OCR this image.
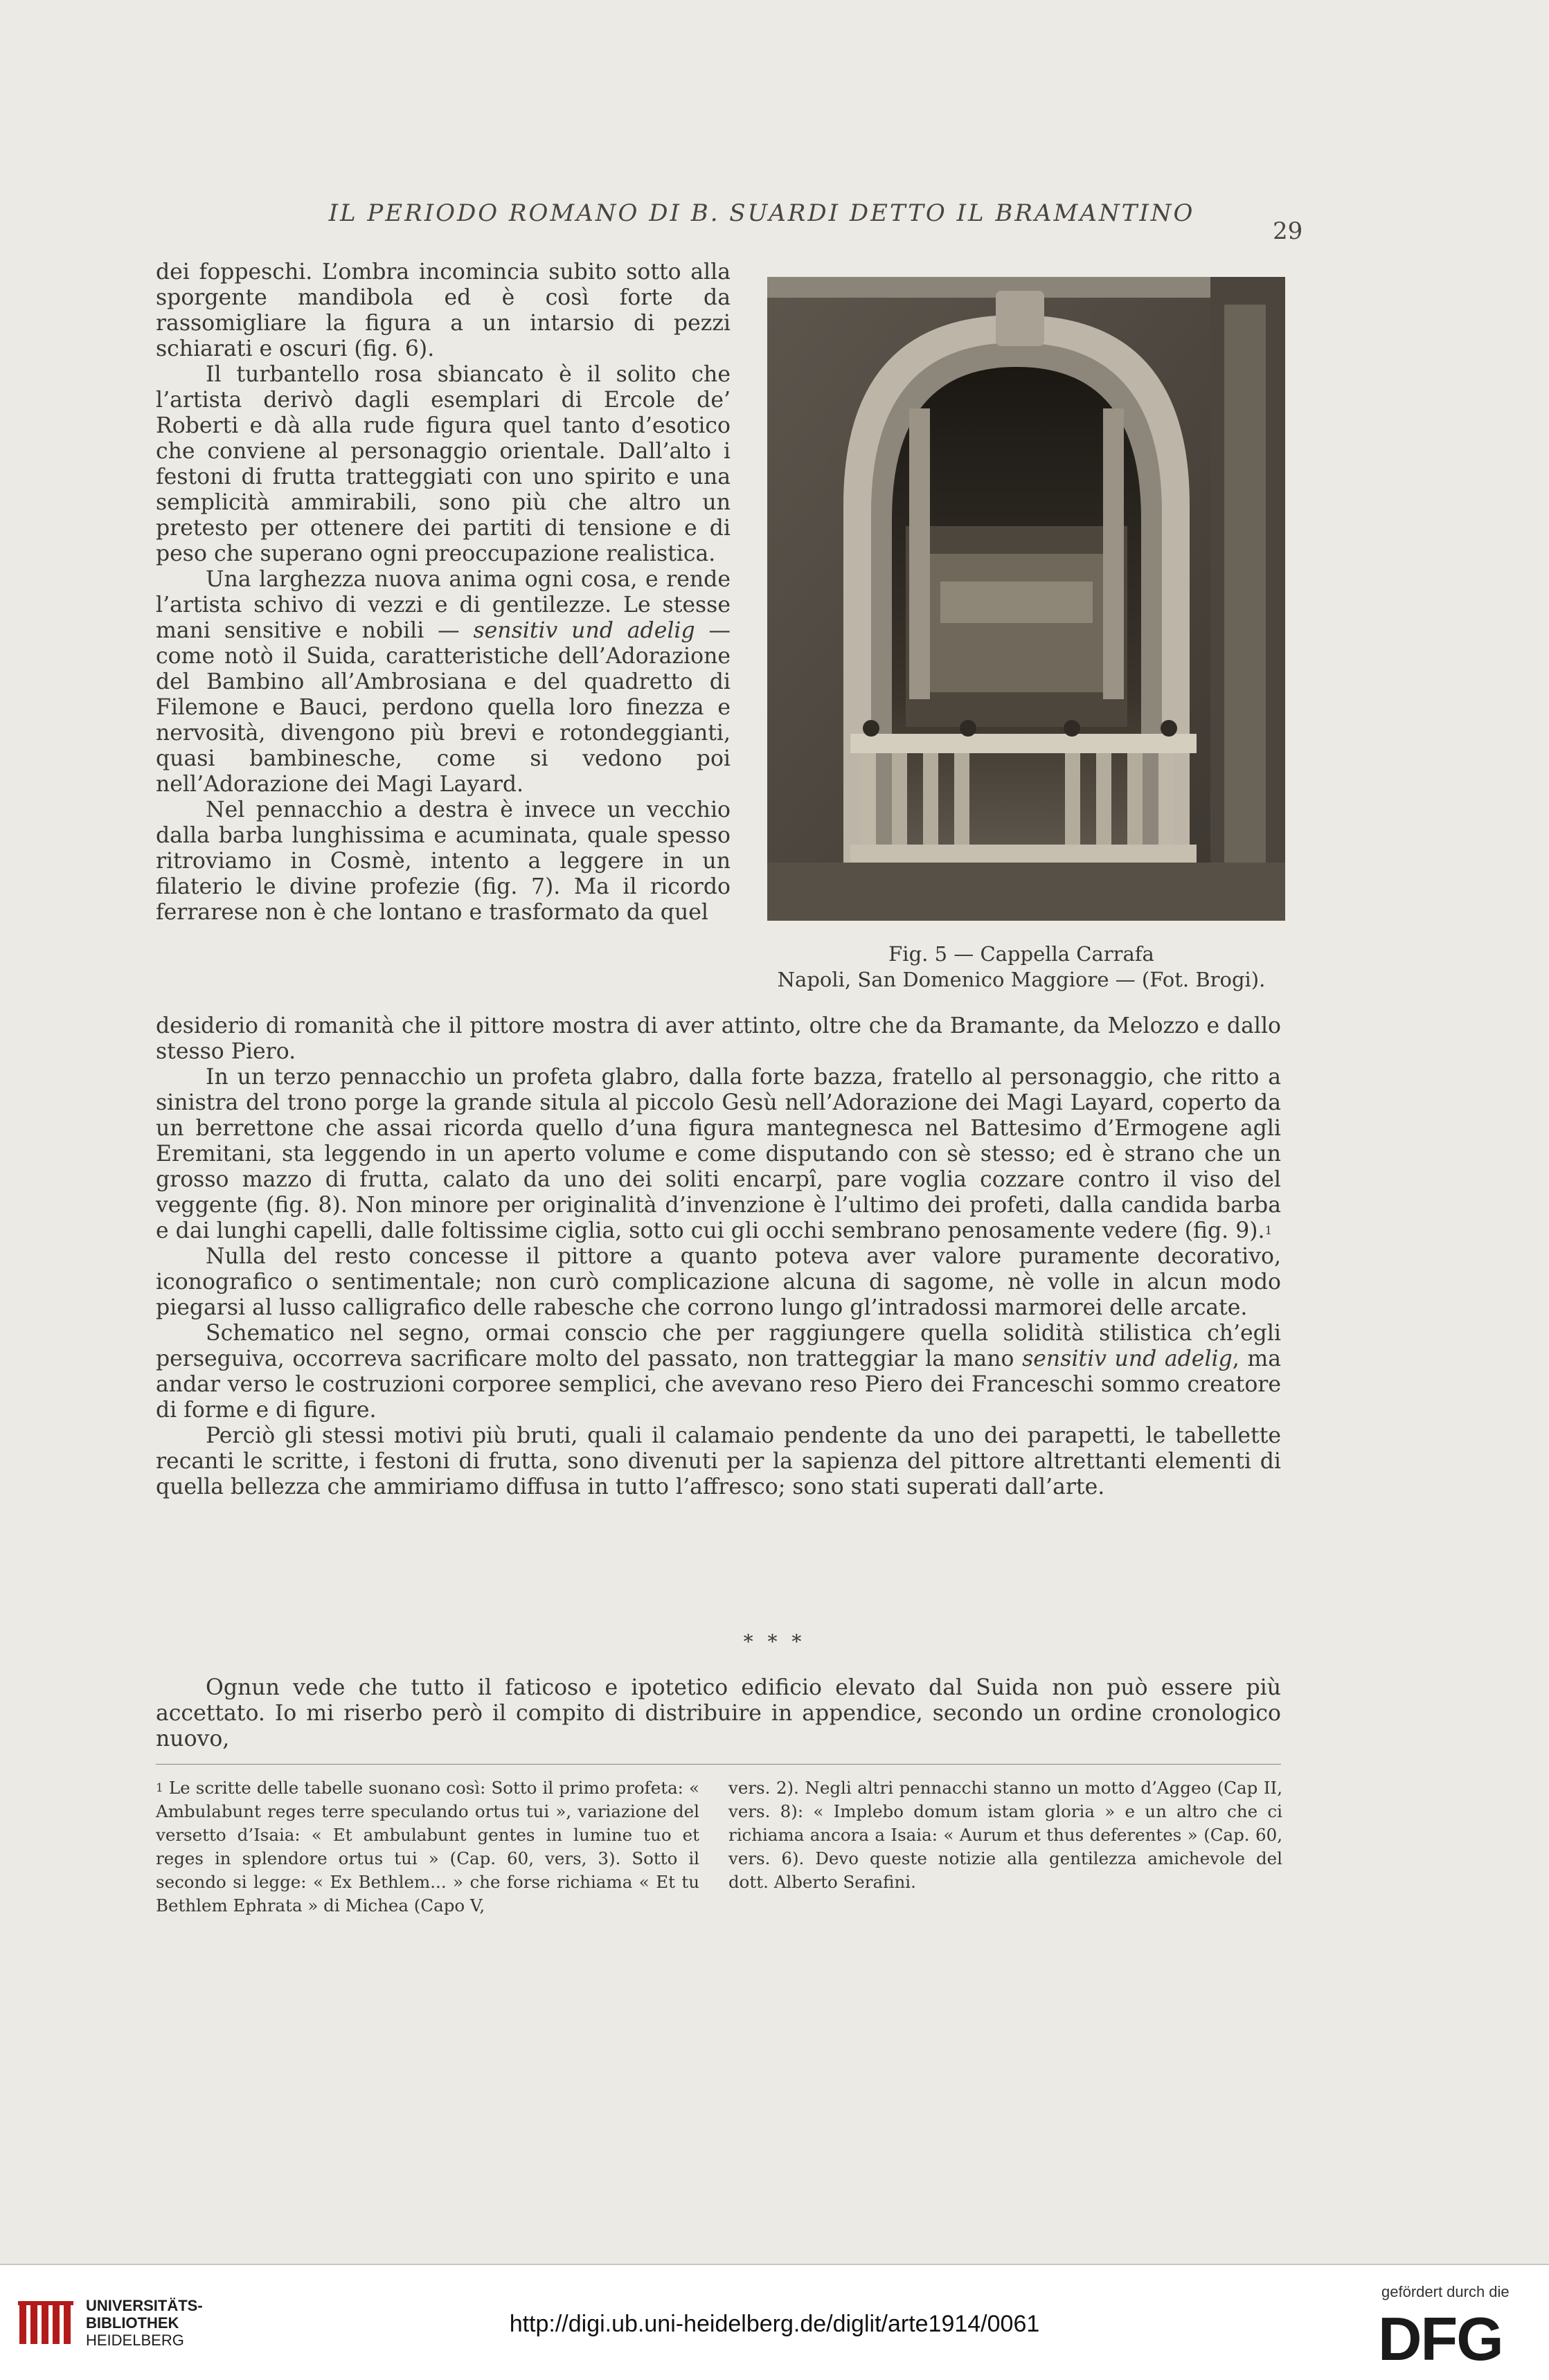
IL PERIODO ROMANO DI B. SUARDI DETTO IL BRAMANTINO
29

dei foppeschi. L’ombra incomincia subito sotto alla sporgente mandibola ed è così forte da rassomigliare la figura a un intarsio di pezzi schiarati e oscuri (fig. 6).

Il turbantello rosa sbiancato è il solito che l’artista derivò dagli esemplari di Ercole de’ Roberti e dà alla rude figura quel tanto d’esotico che conviene al personaggio orientale. Dall’alto i festoni di frutta tratteggiati con uno spirito e una semplicità ammirabili, sono più che altro un pretesto per ottenere dei partiti di tensione e di peso che superano ogni preoccupazione realistica.

Una larghezza nuova anima ogni cosa, e rende l’artista schivo di vezzi e di gentilezze. Le stesse mani sensitive e nobili — sensitiv und adelig — come notò il Suida, caratteristiche dell’Adorazione del Bambino all’Ambrosiana e del quadretto di Filemone e Bauci, perdono quella loro finezza e nervosità, divengono più brevi e rotondeggianti, quasi bambinesche, come si vedono poi nell’Adorazione dei Magi Layard.

Nel pennacchio a destra è invece un vecchio dalla barba lunghissima e acuminata, quale spesso ritroviamo in Cosmè, intento a leggere in un filaterio le divine profezie (fig. 7). Ma il ricordo ferrarese non è che lontano e trasformato da quel

Fig. 5 — Cappella Carrafa
Napoli, San Domenico Maggiore — (Fot. Brogi).

desiderio di romanità che il pittore mostra di aver attinto, oltre che da Bramante, da Melozzo e dallo stesso Piero.

In un terzo pennacchio un profeta glabro, dalla forte bazza, fratello al personaggio, che ritto a sinistra del trono porge la grande situla al piccolo Gesù nell’Adorazione dei Magi Layard, coperto da un berrettone che assai ricorda quello d’una figura mantegnesca nel Battesimo d’Ermogene agli Eremitani, sta leggendo in un aperto volume e come disputando con sè stesso; ed è strano che un grosso mazzo di frutta, calato da uno dei soliti encarpî, pare voglia cozzare contro il viso del veggente (fig. 8). Non minore per originalità d’invenzione è l’ultimo dei profeti, dalla candida barba e dai lunghi capelli, dalle foltissime ciglia, sotto cui gli occhi sembrano penosamente vedere (fig. 9).$^1$

Nulla del resto concesse il pittore a quanto poteva aver valore puramente decorativo, iconografico o sentimentale; non curò complicazione alcuna di sagome, nè volle in alcun modo piegarsi al lusso calligrafico delle rabesche che corrono lungo gl’intradossi marmorei delle arcate.

Schematico nel segno, ormai conscio che per raggiungere quella solidità stilistica ch’egli perseguiva, occorreva sacrificare molto del passato, non tratteggiar la mano sensitiv und adelig, ma andar verso le costruzioni corporee semplici, che avevano reso Piero dei Franceschi sommo creatore di forme e di figure.

Perciò gli stessi motivi più bruti, quali il calamaio pendente da uno dei parapetti, le tabellette recanti le scritte, i festoni di frutta, sono divenuti per la sapienza del pittore altrettanti elementi di quella bellezza che ammiriamo diffusa in tutto l’affresco; sono stati superati dall’arte.

* * *

Ognun vede che tutto il faticoso e ipotetico edificio elevato dal Suida non può essere più accettato. Io mi riserbo però il compito di distribuire in appendice, secondo un ordine cronologico nuovo,

$^1$ Le scritte delle tabelle suonano così: Sotto il primo profeta: « Ambulabunt reges terre speculando ortus tui », variazione del versetto d’Isaia: « Et ambulabunt gentes in lumine tuo et reges in splendore ortus tui » (Cap. 60, vers, 3). Sotto il secondo si legge: « Ex Bethlem... » che forse richiama « Et tu Bethlem Ephrata » di Michea (Capo V,
vers. 2). Negli altri pennacchi stanno un motto d’Aggeo (Cap II, vers. 8): « Implebo domum istam gloria » e un altro che ci richiama ancora a Isaia: « Aurum et thus deferentes » (Cap. 60, vers. 6). Devo queste notizie alla gentilezza amichevole del dott. Alberto Serafini.
UNIVERSITÄTS-
BIBLIOTHEK
HEIDELBERG
http://digi.ub.uni-heidelberg.de/diglit/arte1914/0061
gefördert durch die
DFG
